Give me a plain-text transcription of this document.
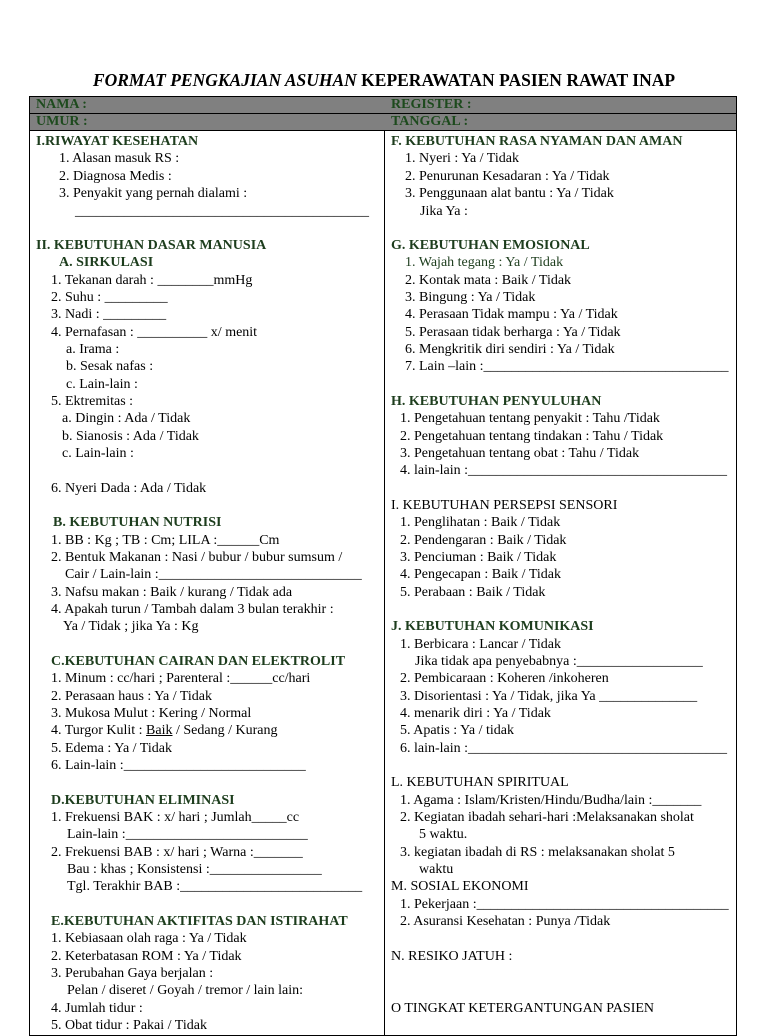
FORMAT PENGKAJIAN ASUHAN KEPERAWATAN PASIEN RAWAT INAP
NAMA :	REGISTER :
UMUR :	TANGGAL :
I.RIWAYAT KESEHATAN
1. Alasan masuk RS :
2. Diagnosa Medis :
3. Penyakit yang pernah dialami :
__________________________________________
II. KEBUTUHAN DASAR MANUSIA
A. SIRKULASI
1. Tekanan darah : ________mmHg
2. Suhu : _________
3. Nadi : _________
4. Pernafasan : __________ x/ menit
a. Irama :
b. Sesak nafas :
c. Lain-lain :
5. Ektremitas :
a. Dingin : Ada / Tidak
b. Sianosis : Ada / Tidak
c. Lain-lain :
6. Nyeri Dada : Ada / Tidak
B. KEBUTUHAN NUTRISI
1. BB : Kg ; TB : Cm; LILA :______Cm
2. Bentuk Makanan : Nasi / bubur / bubur sumsum /
Cair / Lain-lain :_____________________________
3. Nafsu makan : Baik / kurang / Tidak ada
4. Apakah turun / Tambah dalam 3 bulan terakhir :
Ya / Tidak ; jika Ya : Kg
C.KEBUTUHAN CAIRAN DAN ELEKTROLIT
1. Minum : cc/hari ; Parenteral :______cc/hari
2. Perasaan haus : Ya / Tidak
3. Mukosa Mulut : Kering / Normal
4. Turgor Kulit : Baik / Sedang / Kurang
5. Edema : Ya / Tidak
6. Lain-lain :__________________________
D.KEBUTUHAN ELIMINASI
1. Frekuensi BAK : x/ hari ; Jumlah_____cc
Lain-lain :__________________________
2. Frekuensi BAB : x/ hari ; Warna :_______
Bau : khas ; Konsistensi :________________
Tgl. Terakhir BAB :__________________________
E.KEBUTUHAN AKTIFITAS DAN ISTIRAHAT
1. Kebiasaan olah raga : Ya / Tidak
2. Keterbatasan ROM : Ya / Tidak
3. Perubahan Gaya berjalan :
Pelan / diseret / Goyah / tremor / lain lain:
4. Jumlah tidur :
5. Obat tidur : Pakai / Tidak
F. KEBUTUHAN RASA NYAMAN DAN AMAN
1. Nyeri : Ya / Tidak
2. Penurunan Kesadaran : Ya / Tidak
3. Penggunaan alat bantu : Ya / Tidak
Jika Ya :
G. KEBUTUHAN EMOSIONAL
1. Wajah tegang : Ya / Tidak
2. Kontak mata : Baik / Tidak
3. Bingung : Ya / Tidak
4. Perasaan Tidak mampu : Ya / Tidak
5. Perasaan tidak berharga : Ya / Tidak
6. Mengkritik diri sendiri : Ya / Tidak
7. Lain –lain :___________________________________
H. KEBUTUHAN PENYULUHAN
1. Pengetahuan tentang penyakit : Tahu /Tidak
2. Pengetahuan tentang tindakan : Tahu / Tidak
3. Pengetahuan tentang obat : Tahu / Tidak
4. lain-lain :_____________________________________
I. KEBUTUHAN PERSEPSI SENSORI
1. Penglihatan : Baik / Tidak
2. Pendengaran : Baik / Tidak
3. Penciuman : Baik / Tidak
4. Pengecapan : Baik / Tidak
5. Perabaan : Baik / Tidak
J. KEBUTUHAN KOMUNIKASI
1. Berbicara : Lancar / Tidak
Jika tidak apa penyebabnya :__________________
2. Pembicaraan : Koheren /inkoheren
3. Disorientasi : Ya / Tidak, jika Ya ______________
4. menarik diri : Ya / Tidak
5. Apatis : Ya / tidak
6. lain-lain :_____________________________________
L. KEBUTUHAN SPIRITUAL
1. Agama : Islam/Kristen/Hindu/Budha/lain :_______
2. Kegiatan ibadah sehari-hari :Melaksanakan sholat
5 waktu.
3. kegiatan ibadah di RS : melaksanakan sholat 5
waktu
M. SOSIAL EKONOMI
1. Pekerjaan :____________________________________
2. Asuransi Kesehatan : Punya /Tidak
N. RESIKO JATUH :
O TINGKAT KETERGANTUNGAN PASIEN
